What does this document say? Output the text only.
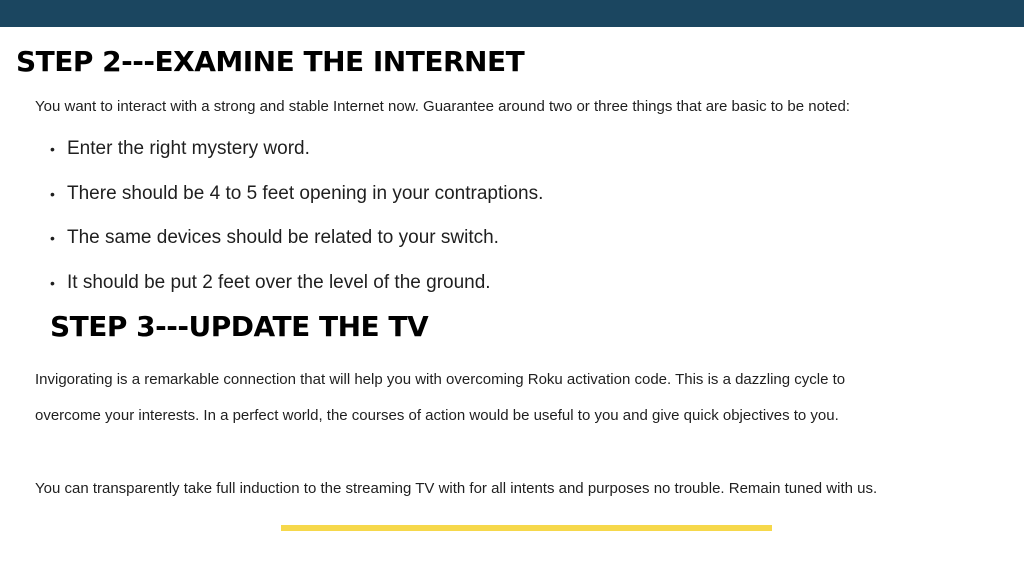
STEP 2---EXAMINE THE INTERNET

You want to interact with a strong and stable Internet now. Guarantee around two or three things that are basic to be noted:

• Enter the right mystery word.
• There should be 4 to 5 feet opening in your contraptions.
• The same devices should be related to your switch.
• It should be put 2 feet over the level of the ground.
STEP 3---UPDATE THE TV

Invigorating is a remarkable connection that will help you with overcoming Roku activation code. This is a dazzling cycle to

overcome your interests. In a perfect world, the courses of action would be useful to you and give quick objectives to you.

You can transparently take full induction to the streaming TV with for all intents and purposes no trouble. Remain tuned with us.
